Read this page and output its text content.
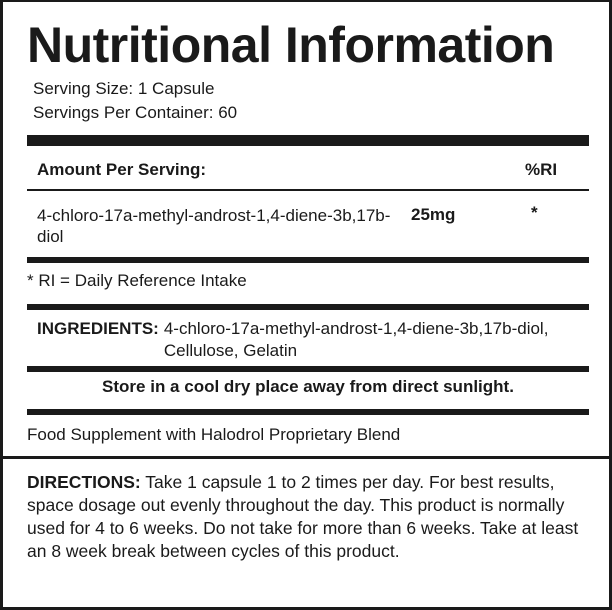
Nutritional Information
Serving Size: 1 Capsule
Servings Per Container: 60
Amount Per Serving:	%RI
4-chloro-17a-methyl-androst-1,4-diene-3b,17b-diol
25mg	*
* RI = Daily Reference Intake
INGREDIENTS: 4-chloro-17a-methyl-androst-1,4-diene-3b,17b-diol, Cellulose, Gelatin
Store in a cool dry place away from direct sunlight.
Food Supplement with Halodrol Proprietary Blend

DIRECTIONS: Take 1 capsule 1 to 2 times per day. For best results, space dosage out evenly throughout the day. This product is normally used for 4 to 6 weeks. Do not take for more than 6 weeks. Take at least an 8 week break between cycles of this product.
